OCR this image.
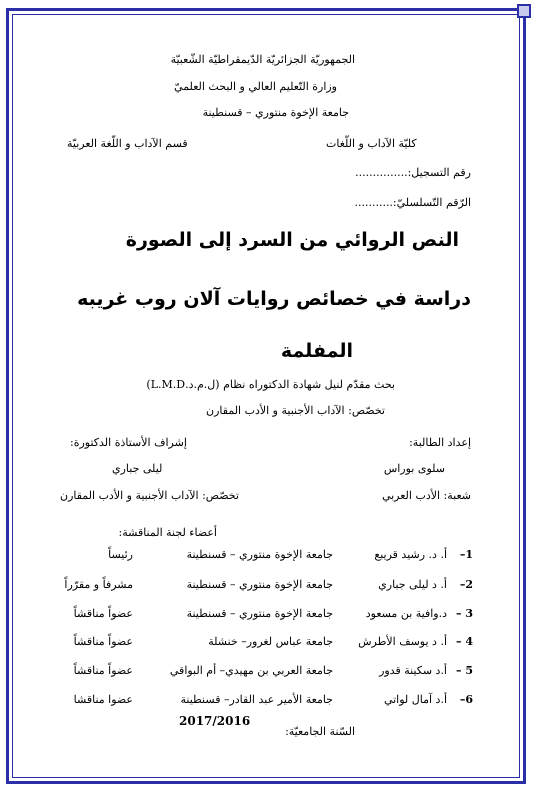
الجمهوريّة الجزائريّة الدّيمقراطيّة الشّعبيّة
وزارة التّعليم العالي و البحث العلميّ
جامعة الإخوة منتوري – قسنطينة
كليّة الآداب و اللّغات
قسم الآداب و اللّغة العربيّة
رقم التسجيل:...............
الرّقم التّسلسليّ:...........
النص الروائي من السرد إلى الصورة
دراسة في خصائص روايات آلان روب غريبه
المفلمة
بحث مقدّم لنيل شهادة الدكتوراه نظام (ل.م.د.L.M.D)
تخصّص: الآداب الأجنبية و الأدب المقارن
إعداد الطالبة:
إشراف الأستاذة الدكتورة:
سلوى بوراس
ليلى جباري
شعبة: الأدب العربي
تخصّص: الآداب الأجنبية و الأدب المقارن
أعضاء لجنة المناقشة:
1–
أ. د. رشيد قريبع
جامعة الإخوة منتوري – قسنطينة
رئيساً
2–
أ. د ليلى جباري
جامعة الإخوة منتوري – قسنطينة
مشرفاً و مقرّراً
3 –
د.وافية بن مسعود
جامعة الإخوة منتوري – قسنطينة
عضواً مناقشاً
4 –
أ. د يوسف الأطرش
جامعة عباس لغرور– خنشلة
عضواً مناقشاً
5 –
أ.د سكينة قدور
جامعة العربي بن مهيدي– أم البواقي
عضواً مناقشاً
6–
أ.د آمال لواتي
جامعة الأمير عبد القادر– قسنطينة
عضوا مناقشا
السّنة الجامعيّة:
2017/2016
